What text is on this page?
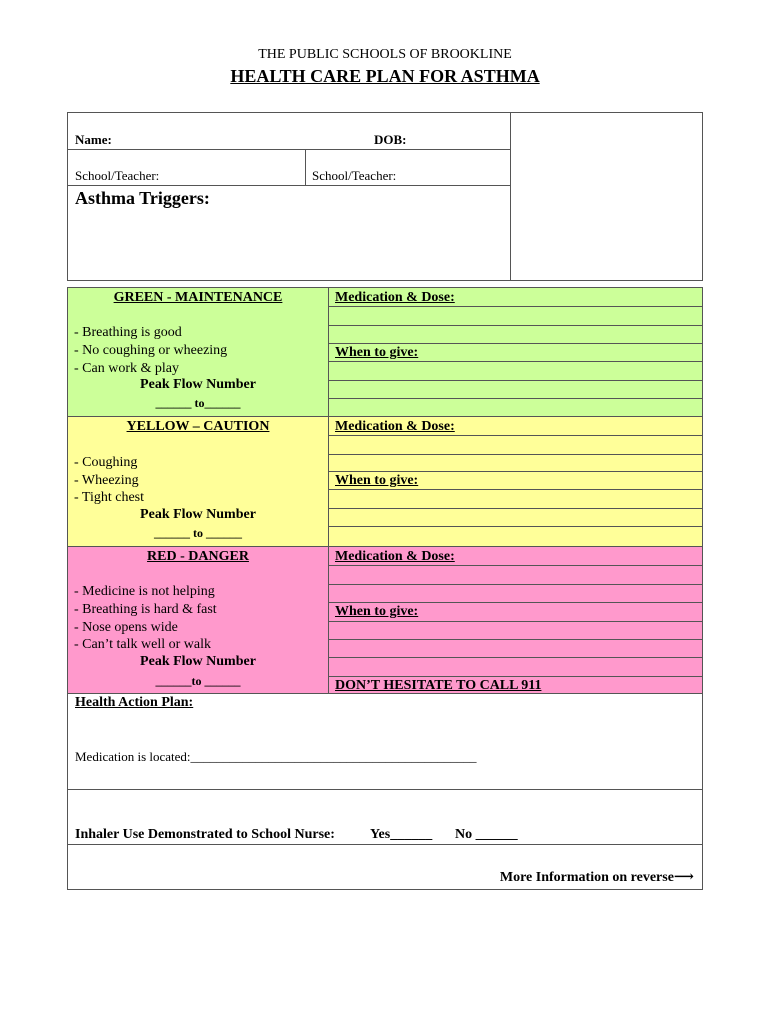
THE PUBLIC SCHOOLS OF BROOKLINE
HEALTH CARE PLAN FOR ASTHMA
Name:	DOB:
School/Teacher:	School/Teacher:
Asthma Triggers:
GREEN - MAINTENANCE
- Breathing is good
- No coughing or wheezing
- Can work & play
Peak Flow Number
______ to______
Medication & Dose:
When to give:
YELLOW – CAUTION
- Coughing
- Wheezing
- Tight chest
Peak Flow Number
______ to ______
Medication & Dose:
When to give:
RED - DANGER
- Medicine is not helping
- Breathing is hard & fast
- Nose opens wide
- Can’t talk well or walk
Peak Flow Number
______to ______
Medication & Dose:
When to give:
DON’T HESITATE TO CALL 911
Health Action Plan:
Medication is located:____________________________________________
Inhaler Use Demonstrated to School Nurse:	Yes______ No ______
More Information on reverse⟶
